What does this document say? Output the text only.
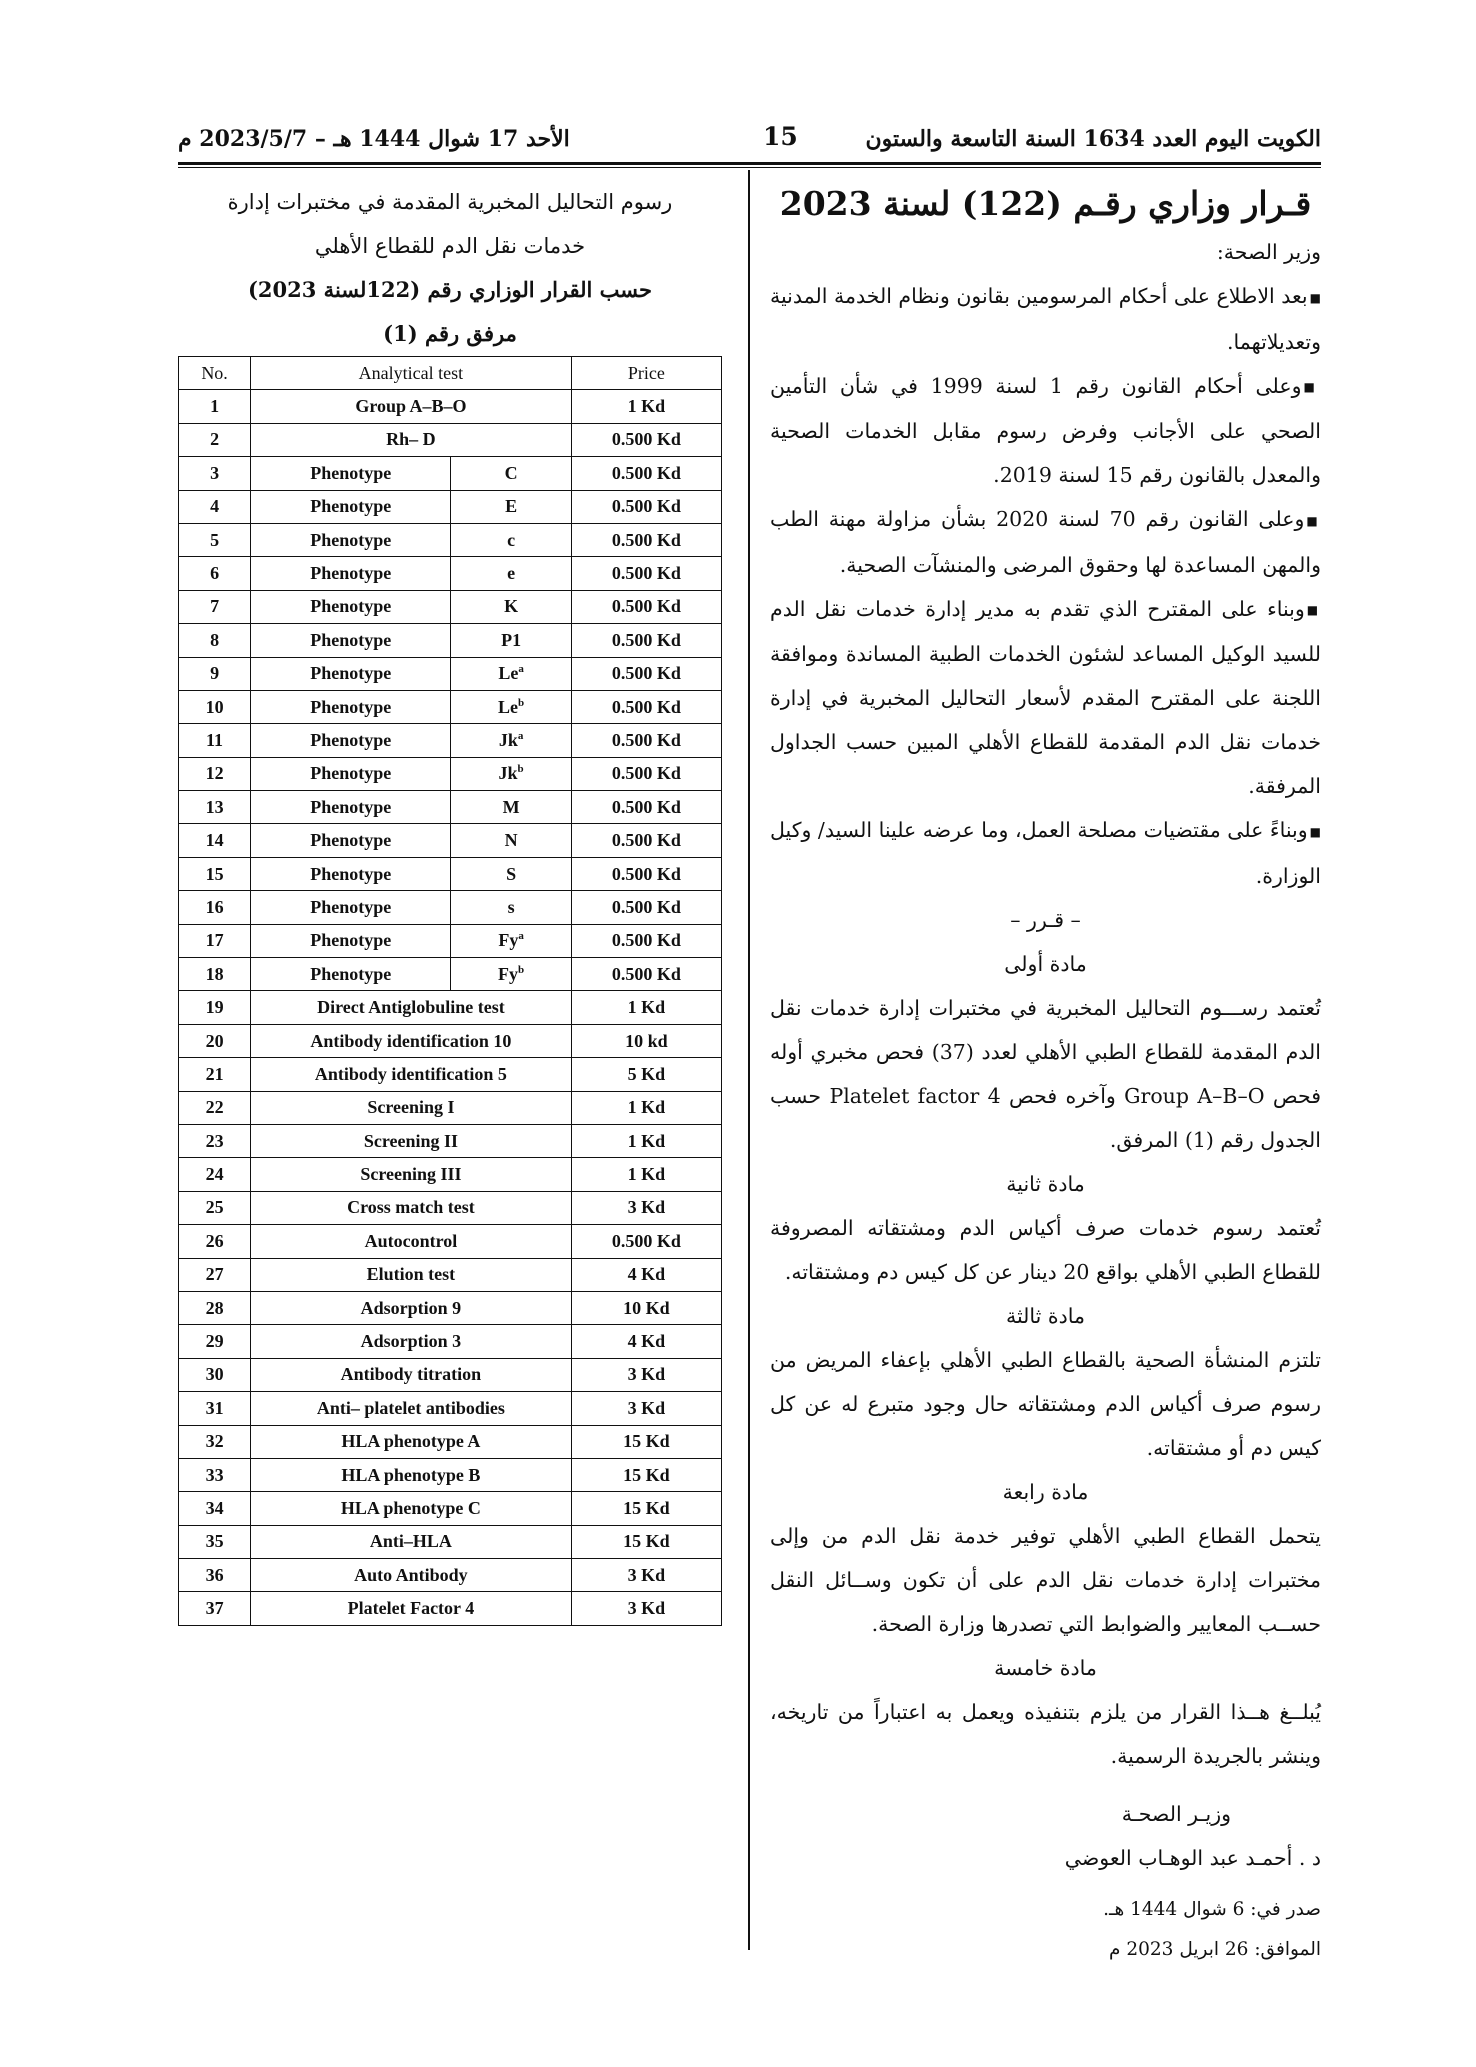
الكويت اليوم العدد 1634 السنة التاسعة والستون
15
الأحد 17 شوال 1444 هـ – 2023/5/7 م
قـرار وزاري رقـم (122) لسنة 2023

وزير الصحة:

■ بعد الاطلاع على أحكام المرسومين بقانون ونظام الخدمة المدنية وتعديلاتهما.

■ وعلى أحكام القانون رقم 1 لسنة 1999 في شأن التأمين الصحي على الأجانب وفرض رسوم مقابل الخدمات الصحية والمعدل بالقانون رقم 15 لسنة 2019.

■ وعلى القانون رقم 70 لسنة 2020 بشأن مزاولة مهنة الطب والمهن المساعدة لها وحقوق المرضى والمنشآت الصحية.

■ وبناء على المقترح الذي تقدم به مدير إدارة خدمات نقل الدم للسيد الوكيل المساعد لشئون الخدمات الطبية المساندة وموافقة اللجنة على المقترح المقدم لأسعار التحاليل المخبرية في إدارة خدمات نقل الدم المقدمة للقطاع الأهلي المبين حسب الجداول المرفقة.

■ وبناءً على مقتضيات مصلحة العمل، وما عرضه علينا السيد/ وكيل الوزارة.

– قـرر –

مادة أولى

تُعتمد رســـوم التحاليل المخبرية في مختبرات إدارة خدمات نقل الدم المقدمة للقطاع الطبي الأهلي لعدد (37) فحص مخبري أوله فحص Group A–B–O وآخره فحص Platelet factor 4 حسب الجدول رقم (1) المرفق.

مادة ثانية

تُعتمد رسوم خدمات صرف أكياس الدم ومشتقاته المصروفة للقطاع الطبي الأهلي بواقع 20 دينار عن كل كيس دم ومشتقاته.

مادة ثالثة

تلتزم المنشأة الصحية بالقطاع الطبي الأهلي بإعفاء المريض من رسوم صرف أكياس الدم ومشتقاته حال وجود متبرع له عن كل كيس دم أو مشتقاته.

مادة رابعة

يتحمل القطاع الطبي الأهلي توفير خدمة نقل الدم من وإلى مختبرات إدارة خدمات نقل الدم على أن تكون وســائل النقل حســب المعايير والضوابط التي تصدرها وزارة الصحة.

مادة خامسة

يُبلــغ هــذا القرار من يلزم بتنفيذه ويعمل به اعتباراً من تاريخه، وينشر بالجريدة الرسمية.

وزيـر الصحـة
د . أحمـد عبد الوهـاب العوضي
صدر في: 6 شوال 1444 هـ.
الموافق: 26 ابريل 2023 م
رسوم التحاليل المخبرية المقدمة في مختبرات إدارة
خدمات نقل الدم للقطاع الأهلي
حسب القرار الوزاري رقم (122لسنة 2023)
مرفق رقم (1)
No.	Analytical test		Price
1	Group A–B–O		1 Kd
2	Rh– D		0.500 Kd
3	Phenotype	C	0.500 Kd
4	Phenotype	E	0.500 Kd
5	Phenotype	c	0.500 Kd
6	Phenotype	e	0.500 Kd
7	Phenotype	K	0.500 Kd
8	Phenotype	P1	0.500 Kd
9	Phenotype	Le$^a$	0.500 Kd
10	Phenotype	Le$^b$	0.500 Kd
11	Phenotype	Jk$^a$	0.500 Kd
12	Phenotype	Jk$^b$	0.500 Kd
13	Phenotype	M	0.500 Kd
14	Phenotype	N	0.500 Kd
15	Phenotype	S	0.500 Kd
16	Phenotype	s	0.500 Kd
17	Phenotype	Fy$^a$	0.500 Kd
18	Phenotype	Fy$^b$	0.500 Kd
19	Direct Antiglobuline test		1 Kd
20	Antibody identification 10		10 kd
21	Antibody identification 5		5 Kd
22	Screening I		1 Kd
23	Screening II		1 Kd
24	Screening III		1 Kd
25	Cross match test		3 Kd
26	Autocontrol		0.500 Kd
27	Elution test		4 Kd
28	Adsorption 9		10 Kd
29	Adsorption 3		4 Kd
30	Antibody titration		3 Kd
31	Anti– platelet antibodies		3 Kd
32	HLA phenotype A		15 Kd
33	HLA phenotype B		15 Kd
34	HLA phenotype C		15 Kd
35	Anti–HLA		15 Kd
36	Auto Antibody		3 Kd
37	Platelet Factor 4		3 Kd
